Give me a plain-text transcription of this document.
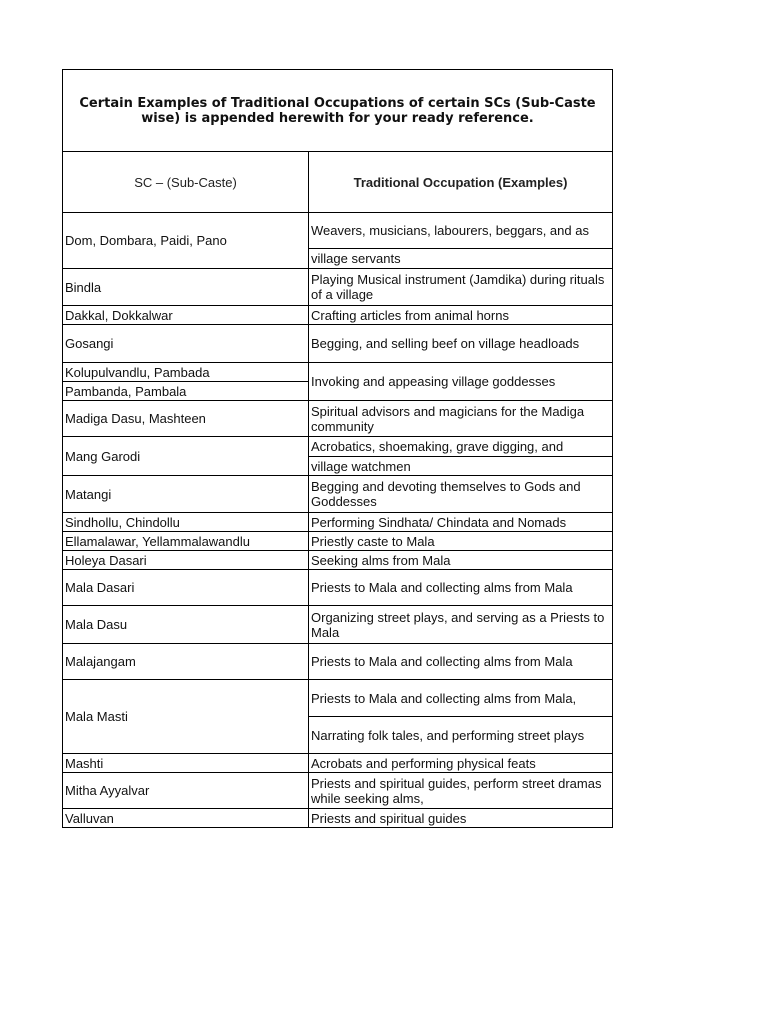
Certain Examples of Traditional Occupations of certain SCs (Sub-Caste wise) is appended herewith for your ready reference.	
SC – (Sub-Caste)	Traditional Occupation (Examples)
Dom, Dombara, Paidi, Pano	Weavers, musicians, labourers, beggars, and as
	village servants
Bindla	Playing Musical instrument (Jamdika) during rituals of a village
Dakkal, Dokkalwar	Crafting articles from animal horns
Gosangi	Begging, and selling beef on village headloads
Kolupulvandlu, Pambada	Invoking and appeasing village goddesses
Pambanda, Pambala	
Madiga Dasu, Mashteen	Spiritual advisors and magicians for the Madiga community
Mang Garodi	Acrobatics, shoemaking, grave digging, and
	village watchmen
Matangi	Begging and devoting themselves to Gods and Goddesses
Sindhollu, Chindollu	Performing Sindhata/ Chindata and Nomads
Ellamalawar, Yellammalawandlu	Priestly caste to Mala
Holeya Dasari	Seeking alms from Mala
Mala Dasari	Priests to Mala and collecting alms from Mala
Mala Dasu	Organizing street plays, and serving as a Priests to Mala
Malajangam	Priests to Mala and collecting alms from Mala
Mala Masti	Priests to Mala and collecting alms from Mala,
	Narrating folk tales, and performing street plays
Mashti	Acrobats and performing physical feats
Mitha Ayyalvar	Priests and spiritual guides, perform street dramas while seeking alms,
Valluvan	Priests and spiritual guides
